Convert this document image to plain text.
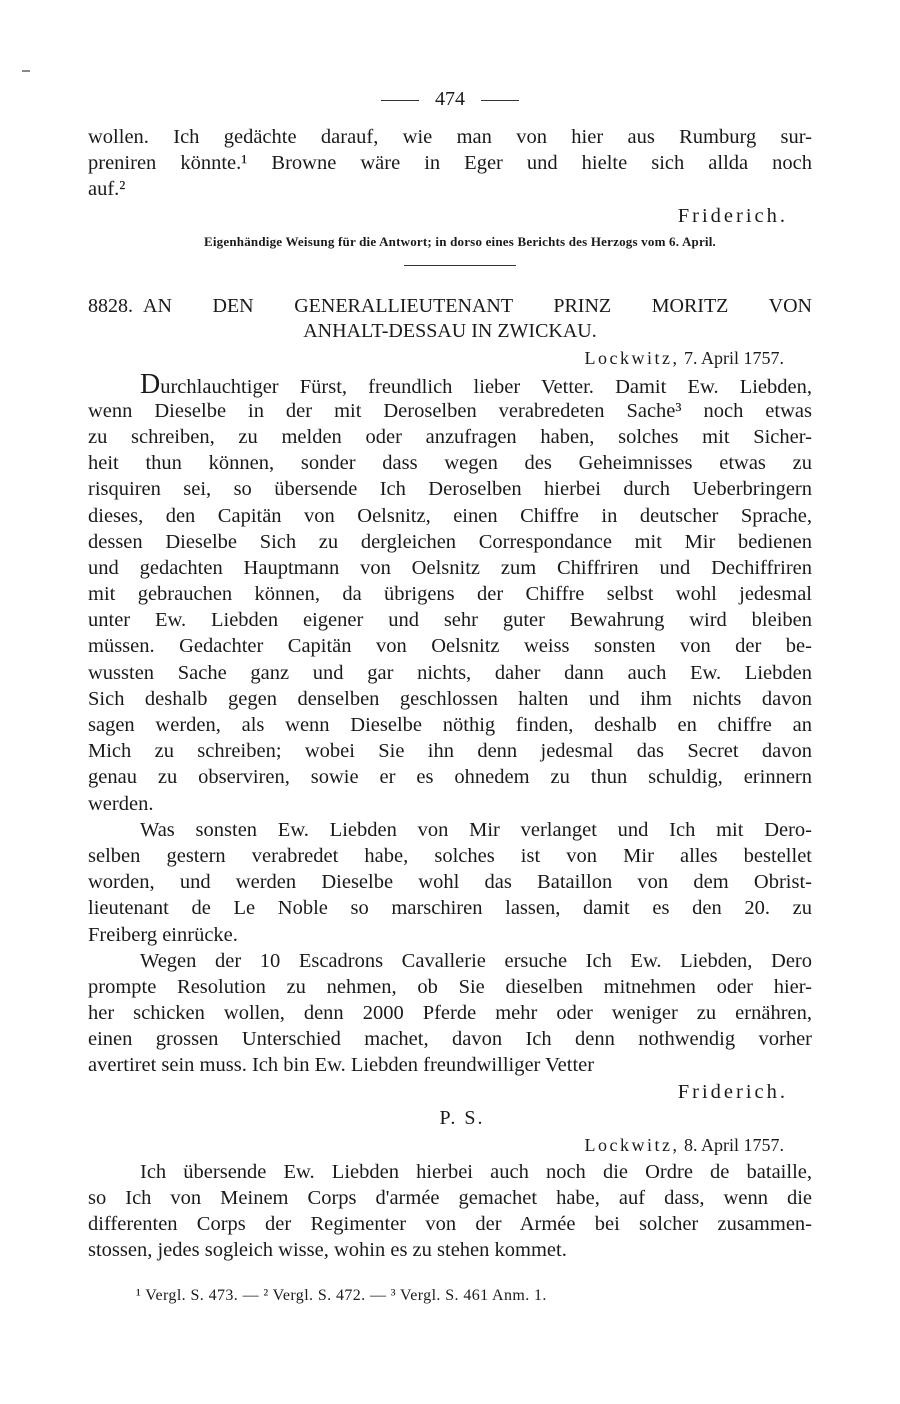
474
wollen. Ich gedächte darauf, wie man von hier aus Rumburg sur-
preniren könnte.¹ Browne wäre in Eger und hielte sich allda noch
auf.²
Friderich.
Eigenhändige Weisung für die Antwort; in dorso eines Berichts des Herzogs vom 6. April.
8828.  AN DEN GENERALLIEUTENANT PRINZ MORITZ VON
ANHALT-DESSAU IN ZWICKAU.
Lockwitz, 7. April 1757.
Durchlauchtiger Fürst, freundlich lieber Vetter. Damit Ew. Liebden,
wenn Dieselbe in der mit Deroselben verabredeten Sache³ noch etwas
zu schreiben, zu melden oder anzufragen haben, solches mit Sicher-
heit thun können, sonder dass wegen des Geheimnisses etwas zu
risquiren sei, so übersende Ich Deroselben hierbei durch Ueberbringern
dieses, den Capitän von Oelsnitz, einen Chiffre in deutscher Sprache,
dessen Dieselbe Sich zu dergleichen Correspondance mit Mir bedienen
und gedachten Hauptmann von Oelsnitz zum Chiffriren und Dechiffriren
mit gebrauchen können, da übrigens der Chiffre selbst wohl jedesmal
unter Ew. Liebden eigener und sehr guter Bewahrung wird bleiben
müssen. Gedachter Capitän von Oelsnitz weiss sonsten von der be-
wussten Sache ganz und gar nichts, daher dann auch Ew. Liebden
Sich deshalb gegen denselben geschlossen halten und ihm nichts davon
sagen werden, als wenn Dieselbe nöthig finden, deshalb en chiffre an
Mich zu schreiben; wobei Sie ihn denn jedesmal das Secret davon
genau zu observiren, sowie er es ohnedem zu thun schuldig, erinnern
werden.
Was sonsten Ew. Liebden von Mir verlanget und Ich mit Dero-
selben gestern verabredet habe, solches ist von Mir alles bestellet
worden, und werden Dieselbe wohl das Bataillon von dem Obrist-
lieutenant de Le Noble so marschiren lassen, damit es den 20. zu
Freiberg einrücke.
Wegen der 10 Escadrons Cavallerie ersuche Ich Ew. Liebden, Dero
prompte Resolution zu nehmen, ob Sie dieselben mitnehmen oder hier-
her schicken wollen, denn 2000 Pferde mehr oder weniger zu ernähren,
einen grossen Unterschied machet, davon Ich denn nothwendig vorher
avertiret sein muss. Ich bin Ew. Liebden freundwilliger Vetter
Friderich.
P. S.
Lockwitz, 8. April 1757.
Ich übersende Ew. Liebden hierbei auch noch die Ordre de bataille,
so Ich von Meinem Corps d'armée gemachet habe, auf dass, wenn die
differenten Corps der Regimenter von der Armée bei solcher zusammen-
stossen, jedes sogleich wisse, wohin es zu stehen kommet.
¹ Vergl. S. 473. — ² Vergl. S. 472. — ³ Vergl. S. 461 Anm. 1.
